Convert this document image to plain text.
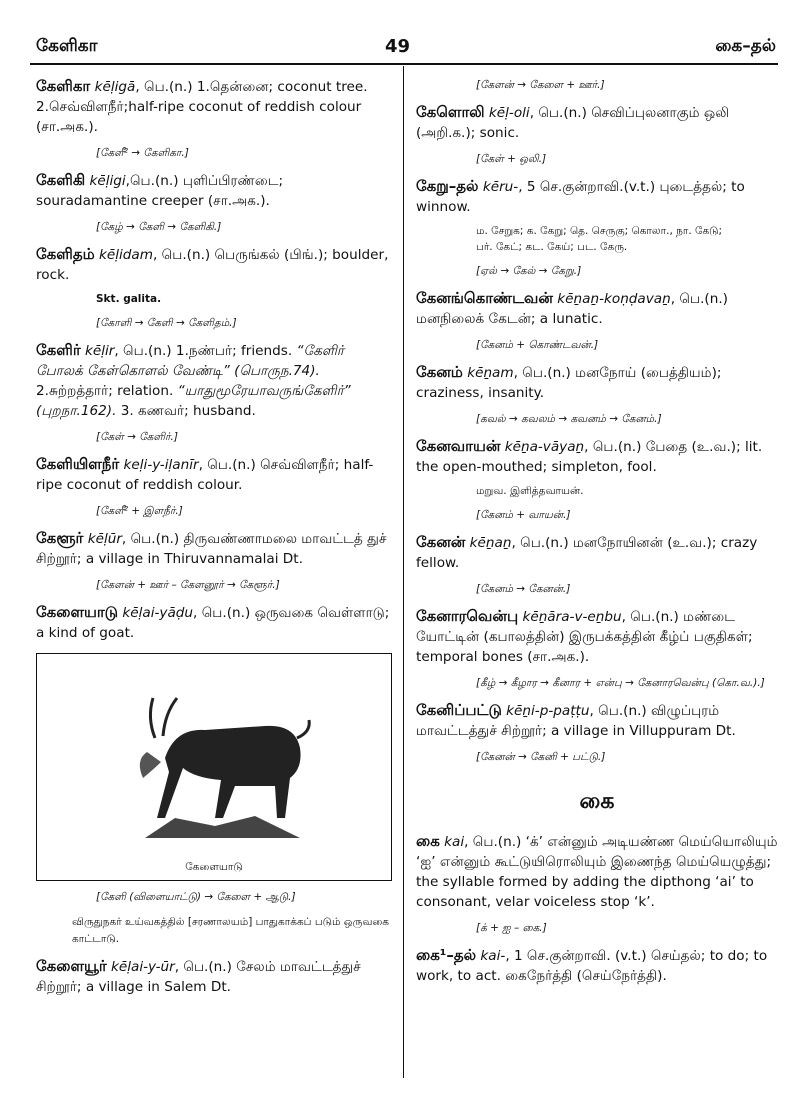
கேளிகா	49	கை–தல்
கேளிகா kēḷigā, பெ.(n.) 1.தென்னை; coconut tree. 2.செவ்விளநீர்;half-ripe coconut of reddish colour (சா.அக.).
[கேளீ² → கேளிகா.]
கேளிகி kēḷigi,பெ.(n.) புளிப்பிரண்டை; souradamantine creeper (சா.அக.).
[கேழ் → கேளி → கேளிகி.]
கேளிதம் kēḷidam, பெ.(n.) பெருங்கல் (பிங்.); boulder, rock.
Skt. galita.
[கோளி → கேளி → கேளிதம்.]
கேளிர் kēḷir, பெ.(n.) 1.நண்பர்; friends. “கேளிர் போலக் கேள்கொளல் வேண்டி” (பொருந.74). 2.சுற்றத்தார்; relation. “யாதுமூரேயாவருங்கேளிர்” (புறநா.162). 3. கணவர்; husband.
[கேள் → கேளிர்.]
கேளியிளநீர் keḷi-y-iḷanīr, பெ.(n.) செவ்விளநீர்; half-ripe coconut of reddish colour.
[கேளீ² + இளநீர்.]
கேளூர் kēḷūr, பெ.(n.) திருவண்ணாமலை மாவட்டத் துச் சிற்றூர்; a village in Thiruvannamalai Dt.
[கேளன் + ஊர் – கேளனூர் → கேளூர்.]
கேளையாடு kēḷai-yāḍu, பெ.(n.) ஒருவகை வெள்ளாடு; a kind of goat.
கேளையாடு
[கேளி (விளையாட்டு) → கேளை + ஆடு.]
விருதுநகர் உய்வகத்தில் [சரணாலயம்] பாதுகாக்கப் படும் ஒருவகை காட்டாடு.
கேளையூர் kēḷai-y-ūr, பெ.(n.) சேலம் மாவட்டத்துச் சிற்றூர்; a village in Salem Dt.
[கேளன் → கேளை + ஊர்.]
கேளொலி kēḷ-oli, பெ.(n.) செவிப்புலனாகும் ஒலி (அறி.க.); sonic.
[கேள் + ஒலி.]
கேறு–தல் kēru-, 5 செ.குன்றாவி.(v.t.) புடைத்தல்; to winnow.
ம. சேறுக; க. கேறு; தெ. செருகு; கொலா., நா. கேடு;
பர். கேட்; கட. கேய்; பட. கேரு.
[ஏல் → கேல் → கேறு.]
கேனங்கொண்டவன் kēṉaṉ-koṇḍavaṉ, பெ.(n.) மனநிலைக் கேடன்; a lunatic.
[கேனம் + கொண்டவன்.]
கேனம் kēṉam, பெ.(n.) மனநோய் (பைத்தியம்); craziness, insanity.
[கவல் → கவலம் → கவனம் → கேனம்.]
கேனவாயன் kēṉa-vāyaṉ, பெ.(n.) பேதை (உ.வ.); lit. the open-mouthed; simpleton, fool.
மறுவ. இளித்தவாயன்.
[கேனம் + வாயன்.]
கேனன் kēṉaṉ, பெ.(n.) மனநோயினன் (உ.வ.); crazy fellow.
[கேனம் → கேனன்.]
கேனாரவென்பு kēṉāra-v-eṉbu, பெ.(n.) மண்டை யோட்டின் (கபாலத்தின்) இருபக்கத்தின் கீழ்ப் பகுதிகள்; temporal bones (சா.அக.).
[கீழ் → கீழார → கீனார + என்பு → கேனாரவென்பு (கொ.வ.).]
கேனிப்பட்டு kēṉi-p-paṭṭu, பெ.(n.) விழுப்புரம் மாவட்டத்துச் சிற்றூர்; a village in Villuppuram Dt.
[கேனன் → கேனி + பட்டு.]
கை
கை kai, பெ.(n.) ‘க்’ என்னும் அடியண்ண மெய்யொலியும் ‘ஐ’ என்னும் கூட்டுயிரொலியும் இணைந்த மெய்யெழுத்து; the syllable formed by adding the dipthong ‘ai’ to consonant, velar voiceless stop ‘k’.
[க் + ஐ – கை.]
கை¹–தல் kai-, 1 செ.குன்றாவி. (v.t.) செய்தல்; to do; to work, to act. கைநேர்த்தி (செய்நேர்த்தி).
